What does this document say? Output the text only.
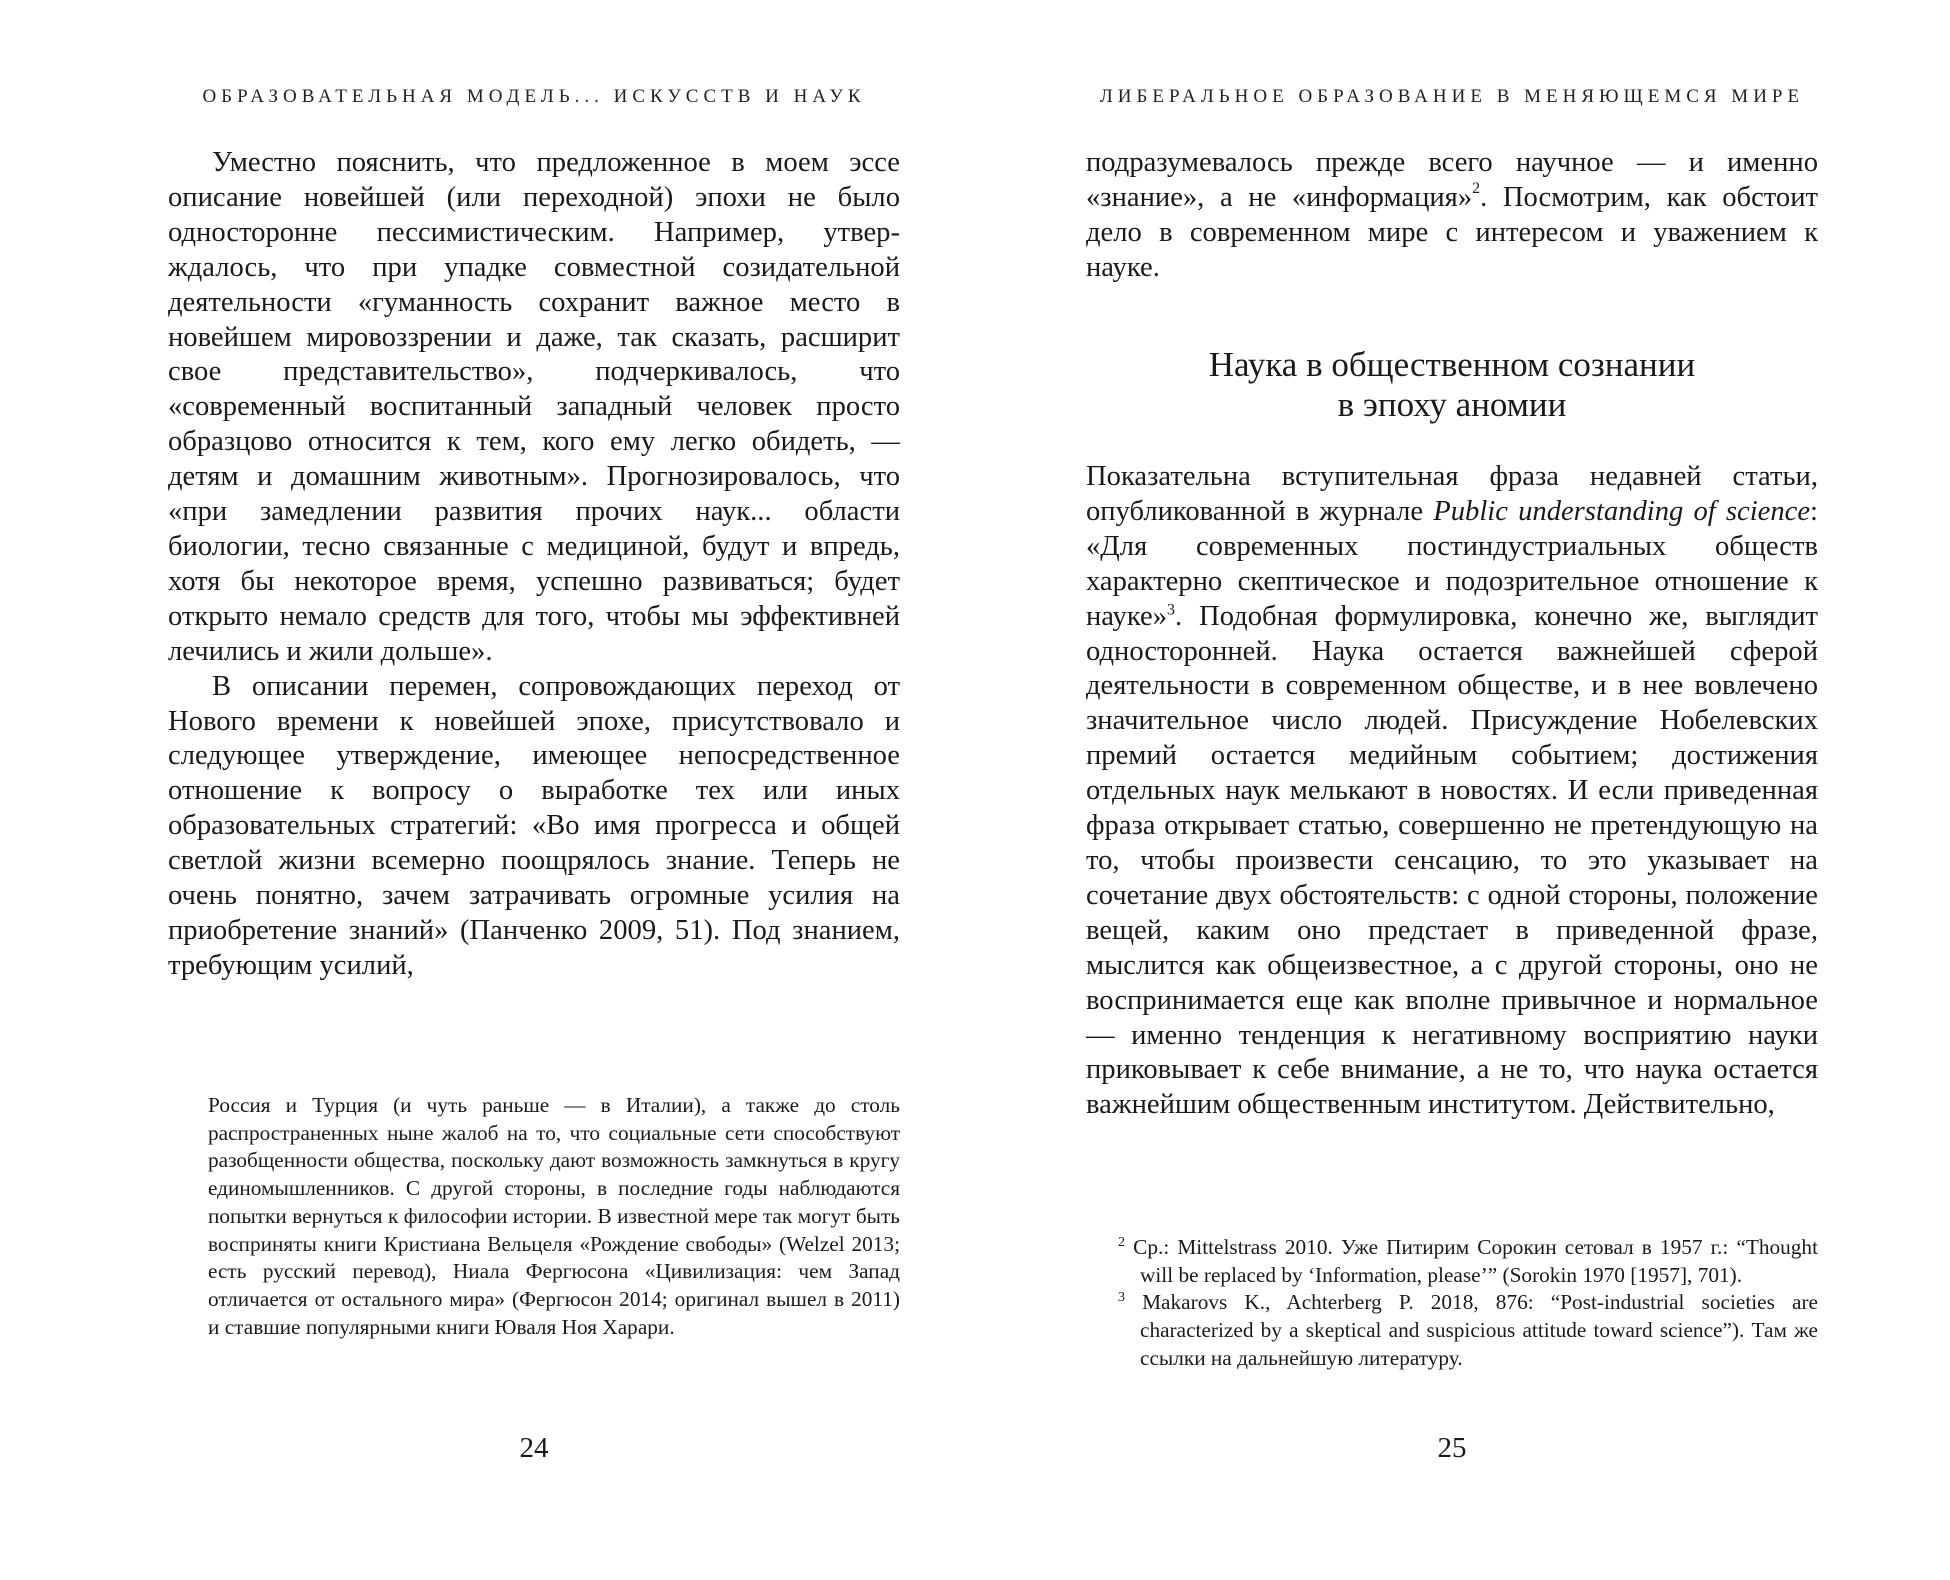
ОБРАЗОВАТЕЛЬНАЯ МОДЕЛЬ... ИСКУССТВ И НАУК

Уместно пояснить, что предложенное в моем эссе описание новейшей (или переходной) эпохи не было односторонне пессимистическим. Например, утверждалось, что при упадке совместной созидательной деятельности «гуманность сохранит важное место в новейшем мировоззрении и даже, так сказать, расширит свое представительство», подчеркивалось, что «современный воспитанный западный человек просто образцово относится к тем, кого ему легко обидеть, — детям и домашним животным». Прогнозировалось, что «при замедлении развития прочих наук... области биологии, тесно связанные с медициной, будут и впредь, хотя бы некоторое время, успешно развиваться; будет открыто немало средств для того, чтобы мы эффективней лечились и жили дольше».

В описании перемен, сопровождающих переход от Нового времени к новейшей эпохе, присутствовало и следующее утверждение, имеющее непосредственное отношение к вопросу о выработке тех или иных образовательных стратегий: «Во имя прогресса и общей светлой жизни всемерно поощрялось знание. Теперь не очень понятно, зачем затрачивать огромные усилия на приобретение знаний» (Панченко 2009, 51). Под знанием, требующим усилий,

Россия и Турция (и чуть раньше — в Италии), а также до столь распространенных ныне жалоб на то, что социальные сети способствуют разобщенности общества, поскольку дают возможность замкнуться в кругу единомышленников. С другой стороны, в последние годы наблюдаются попытки вернуться к философии истории. В известной мере так могут быть восприняты книги Кристиана Вельцеля «Рождение свободы» (Welzel 2013; есть русский перевод), Ниала Фергюсона «Цивилизация: чем Запад отличается от остального мира» (Фергюсон 2014; оригинал вышел в 2011) и ставшие популярными книги Юваля Ноя Харари.

24
ЛИБЕРАЛЬНОЕ ОБРАЗОВАНИЕ В МЕНЯЮЩЕМСЯ МИРЕ

подразумевалось прежде всего научное — и именно «знание», а не «информация»$^2$. Посмотрим, как обстоит дело в современном мире с интересом и уважением к науке.

Наука в общественном сознании
в эпоху аномии

Показательна вступительная фраза недавней статьи, опубликованной в журнале Public understanding of science: «Для современных постиндустриальных обществ характерно скептическое и подозрительное отношение к науке»$^3$. Подобная формулировка, конечно же, выглядит односторонней. Наука остается важнейшей сферой деятельности в современном обществе, и в нее вовлечено значительное число людей. Присуждение Нобелевских премий остается медийным событием; достижения отдельных наук мелькают в новостях. И если приведенная фраза открывает статью, совершенно не претендующую на то, чтобы произвести сенсацию, то это указывает на сочетание двух обстоятельств: с одной стороны, положение вещей, каким оно предстает в приведенной фразе, мыслится как общеизвестное, а с другой стороны, оно не воспринимается еще как вполне привычное и нормальное — именно тенденция к негативному восприятию науки приковывает к себе внимание, а не то, что наука остается важнейшим общественным институтом. Действительно,

$^2$ Ср.: Mittelstrass 2010. Уже Питирим Сорокин сетовал в 1957 г.: “Thought will be replaced by ‘Information, please’” (Sorokin 1970 [1957], 701).

$^3$ Makarovs K., Achterberg P. 2018, 876: “Post-industrial societies are characterized by a skeptical and suspicious attitude toward science”). Там же ссылки на дальнейшую литературу.

25
